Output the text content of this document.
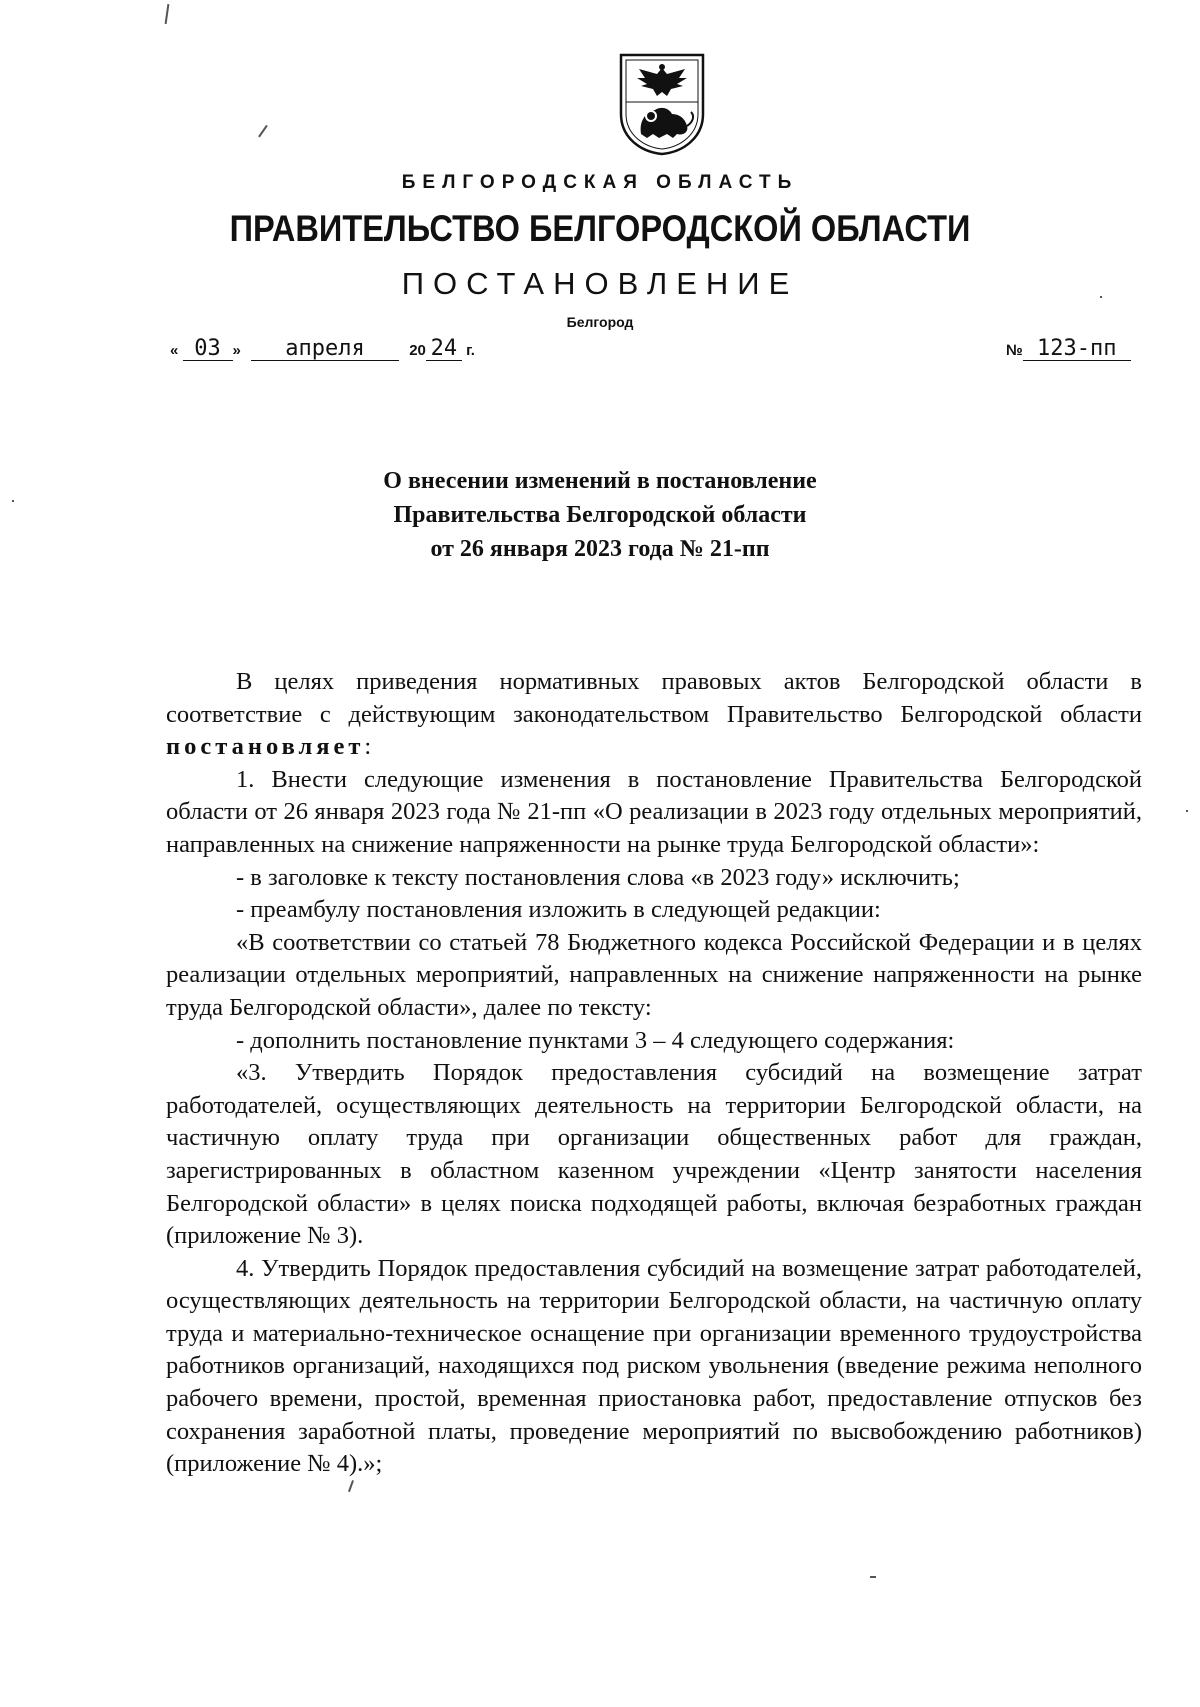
БЕЛГОРОДСКАЯ ОБЛАСТЬ
ПРАВИТЕЛЬСТВО БЕЛГОРОДСКОЙ ОБЛАСТИ
ПОСТАНОВЛЕНИЕ
Белгород
« 03 » апреля	20 24 г.	№ 123-пп
О внесении изменений в постановление
Правительства Белгородской области
от 26 января 2023 года № 21-пп

В целях приведения нормативных правовых актов Белгородской области в соответствие с действующим законодательством Правительство Белгородской области постановляет:

1. Внести следующие изменения в постановление Правительства Белгородской области от 26 января 2023 года № 21-пп «О реализации в 2023 году отдельных мероприятий, направленных на снижение напряженности на рынке труда Белгородской области»:

- в заголовке к тексту постановления слова «в 2023 году» исключить;

- преамбулу постановления изложить в следующей редакции:

«В соответствии со статьей 78 Бюджетного кодекса Российской Федерации и в целях реализации отдельных мероприятий, направленных на снижение напряженности на рынке труда Белгородской области», далее по тексту:

- дополнить постановление пунктами 3 – 4 следующего содержания:

«3. Утвердить Порядок предоставления субсидий на возмещение затрат работодателей, осуществляющих деятельность на территории Белгородской области, на частичную оплату труда при организации общественных работ для граждан, зарегистрированных в областном казенном учреждении «Центр занятости населения Белгородской области» в целях поиска подходящей работы, включая безработных граждан (приложение № 3).

4. Утвердить Порядок предоставления субсидий на возмещение затрат работодателей, осуществляющих деятельность на территории Белгородской области, на частичную оплату труда и материально-техническое оснащение при организации временного трудоустройства работников организаций, находящихся под риском увольнения (введение режима неполного рабочего времени, простой, временная приостановка работ, предоставление отпусков без сохранения заработной платы, проведение мероприятий по высвобождению работников) (приложение № 4).»;
